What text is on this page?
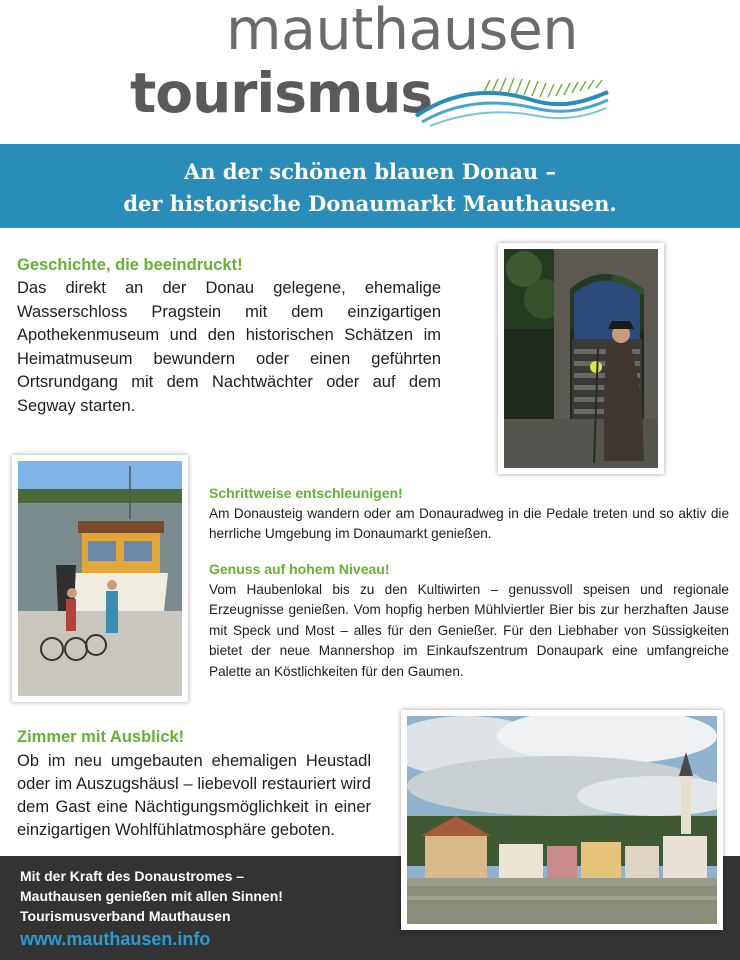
mauthausen
tourismus
An der schönen blauen Donau –
der historische Donaumarkt Mauthausen.
Geschichte, die beeindruckt!

Das direkt an der Donau gelegene, ehemalige Wasserschloss Pragstein mit dem einzigartigen Apothekenmuseum und den historischen Schätzen im Heimatmuseum bewundern oder einen geführten Ortsrundgang mit dem Nachtwächter oder auf dem Segway starten.

Schrittweise entschleunigen!

Am Donausteig wandern oder am Donauradweg in die Pedale treten und so aktiv die herrliche Umgebung im Donaumarkt genießen.

Genuss auf hohem Niveau!

Vom Haubenlokal bis zu den Kultiwirten – genussvoll speisen und regionale Erzeugnisse genießen. Vom hopfig herben Mühlviertler Bier bis zur herzhaften Jause mit Speck und Most – alles für den Genießer. Für den Liebhaber von Süssigkeiten bietet der neue Mannershop im Einkaufszentrum Donaupark eine umfangreiche Palette an Köstlichkeiten für den Gaumen.

Zimmer mit Ausblick!

Ob im neu umgebauten ehemaligen Heustadl oder im Auszugshäusl – liebevoll restauriert wird dem Gast eine Nächtigungsmöglichkeit in einer einzigartigen Wohlfühlatmosphäre geboten.

Mit der Kraft des Donaustromes –
Mauthausen genießen mit allen Sinnen!
Tourismusverband Mauthausen
www.mauthausen.info
